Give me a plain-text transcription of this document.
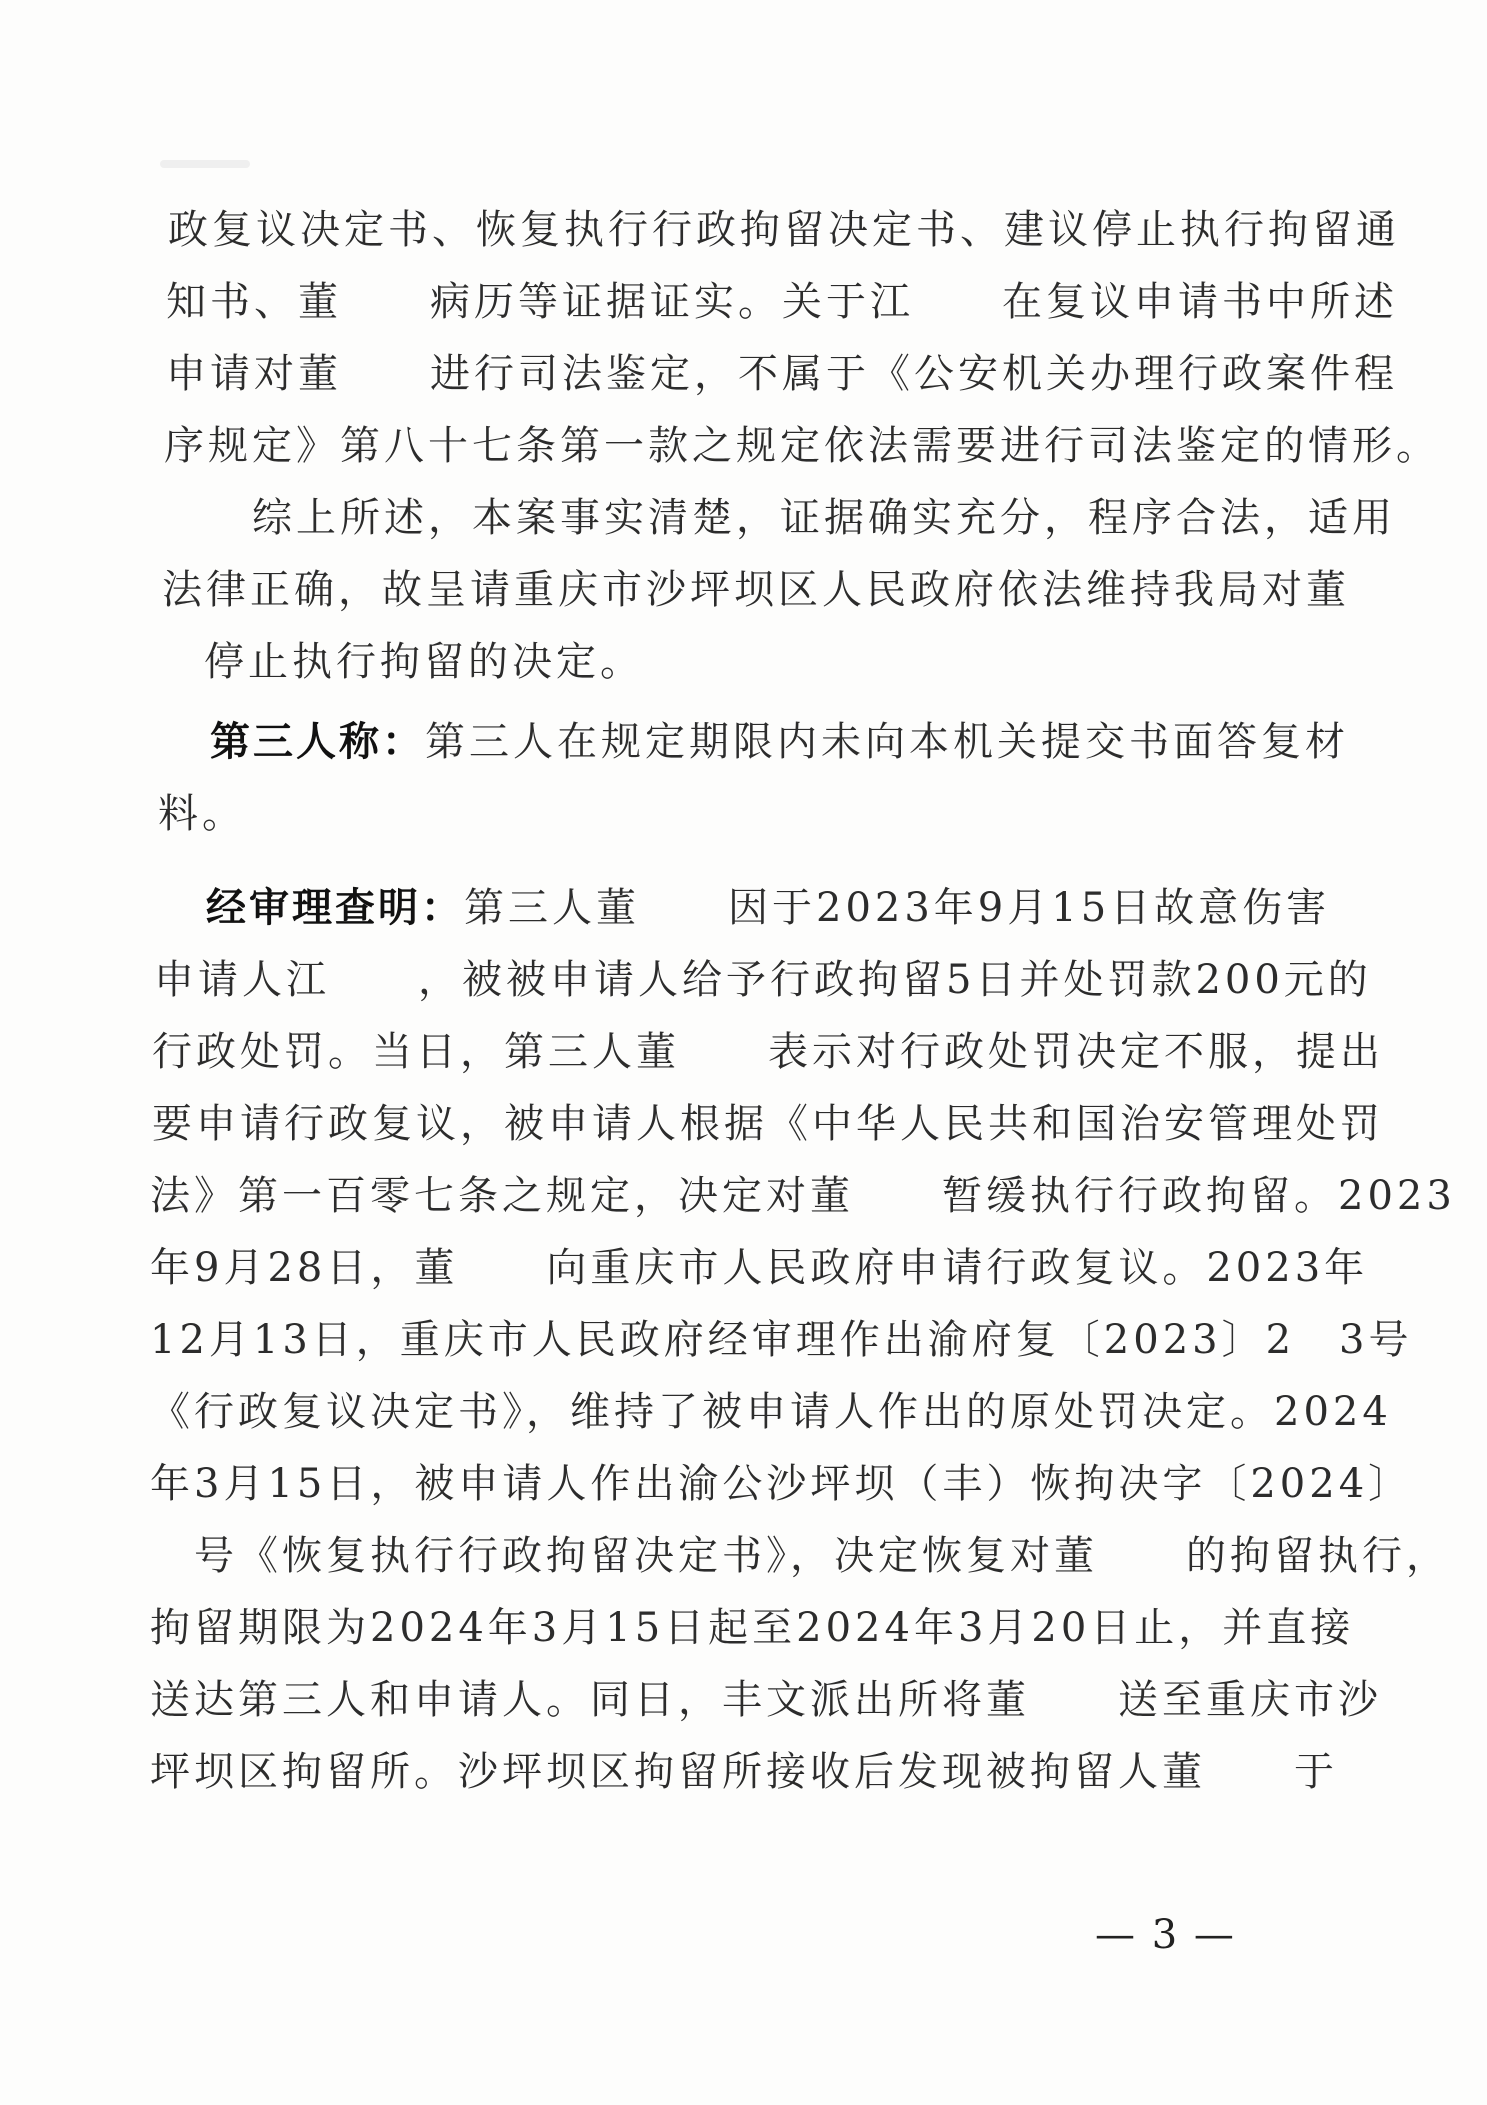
政复议决定书、恢复执行行政拘留决定书、建议停止执行拘留通
知书、董　　病历等证据证实。关于江　　在复议申请书中所述
申请对董　　进行司法鉴定，不属于《公安机关办理行政案件程
序规定》第八十七条第一款之规定依法需要进行司法鉴定的情形。
　　综上所述，本案事实清楚，证据确实充分，程序合法，适用
法律正确，故呈请重庆市沙坪坝区人民政府依法维持我局对董
　停止执行拘留的决定。
第三人称：第三人在规定期限内未向本机关提交书面答复材
料。
经审理查明：第三人董　　因于2023年9月15日故意伤害
申请人江　　，被被申请人给予行政拘留5日并处罚款200元的
行政处罚。当日，第三人董　　表示对行政处罚决定不服，提出
要申请行政复议，被申请人根据《中华人民共和国治安管理处罚
法》第一百零七条之规定，决定对董　　暂缓执行行政拘留。2023
年9月28日，董　　向重庆市人民政府申请行政复议。2023年
12月13日，重庆市人民政府经审理作出渝府复〔2023〕2　3号
《行政复议决定书》，维持了被申请人作出的原处罚决定。2024
年3月15日，被申请人作出渝公沙坪坝（丰）恢拘决字〔2024〕
　号《恢复执行行政拘留决定书》，决定恢复对董　　的拘留执行，
拘留期限为2024年3月15日起至2024年3月20日止，并直接
送达第三人和申请人。同日，丰文派出所将董　　送至重庆市沙
坪坝区拘留所。沙坪坝区拘留所接收后发现被拘留人董　　于
— 3 —
